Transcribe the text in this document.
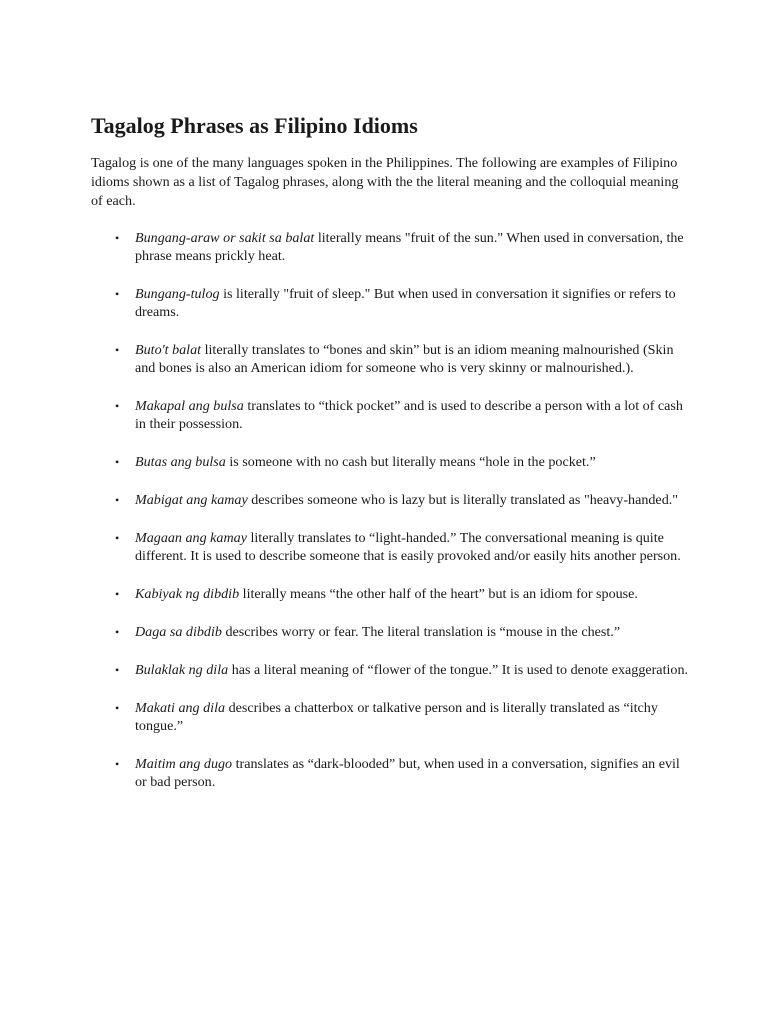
Tagalog Phrases as Filipino Idioms

Tagalog is one of the many languages spoken in the Philippines. The following are examples of Filipino idioms shown as a list of Tagalog phrases, along with the the literal meaning and the colloquial meaning of each.

• Bungang-araw or sakit sa balat literally means "fruit of the sun." When used in conversation, the phrase means prickly heat.
• Bungang-tulog is literally "fruit of sleep." But when used in conversation it signifies or refers to dreams.
• Buto't balat literally translates to “bones and skin” but is an idiom meaning malnourished (Skin and bones is also an American idiom for someone who is very skinny or malnourished.).
• Makapal ang bulsa translates to “thick pocket” and is used to describe a person with a lot of cash in their possession.
• Butas ang bulsa is someone with no cash but literally means “hole in the pocket.”
• Mabigat ang kamay describes someone who is lazy but is literally translated as "heavy-handed."
• Magaan ang kamay literally translates to “light-handed.” The conversational meaning is quite different. It is used to describe someone that is easily provoked and/or easily hits another person.
• Kabiyak ng dibdib literally means “the other half of the heart” but is an idiom for spouse.
• Daga sa dibdib describes worry or fear. The literal translation is “mouse in the chest.”
• Bulaklak ng dila has a literal meaning of “flower of the tongue.” It is used to denote exaggeration.
• Makati ang dila describes a chatterbox or talkative person and is literally translated as “itchy tongue.”
• Maitim ang dugo translates as “dark-blooded” but, when used in a conversation, signifies an evil or bad person.
